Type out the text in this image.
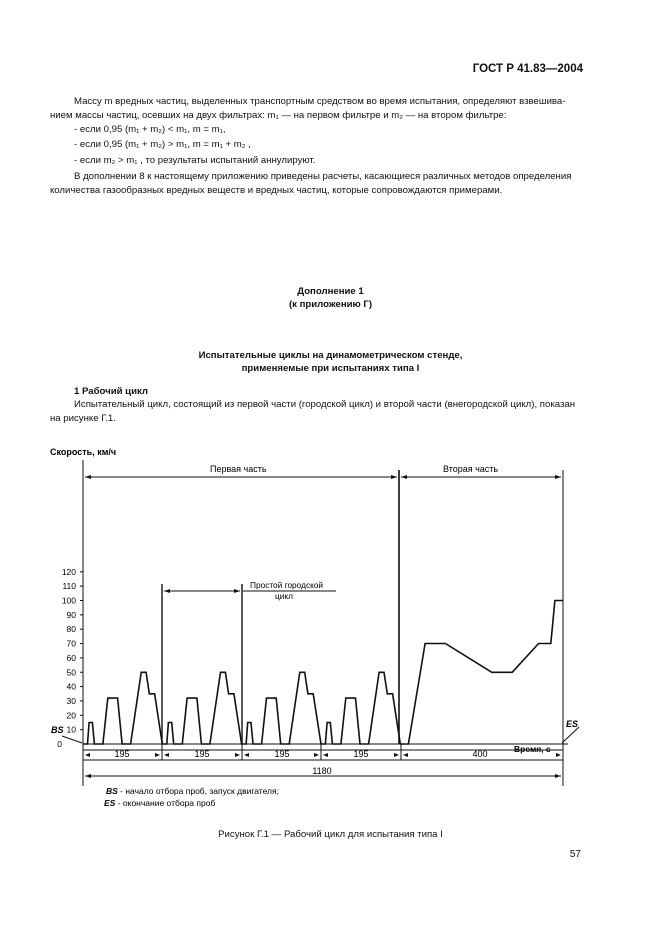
ГОСТ Р 41.83—2004
Массу m вредных частиц, выделенных транспортным средством во время испытания, определяют взвешива-
нием массы частиц, осевших на двух фильтрах: m₁ — на первом фильтре и m₂ — на втором фильтре:
- если 0,95 (m₁ + m₂) < m₁, m = m₁,
- если 0,95 (m₁ + m₂) > m₁, m = m₁ + m₂ ,
- если m₂ > m₁ , то результаты испытаний аннулируют.
В дополнении 8 к настоящему приложению приведены расчеты, касающиеся различных методов определения
количества газообразных вредных веществ и вредных частиц, которые сопровождаются примерами.
Дополнение 1
(к приложению Г)
Испытательные циклы на динамометрическом стенде,
применяемые при испытаниях типа I
1 Рабочий цикл
Испытательный цикл, состоящий из первой части (городской цикл) и второй части (внегородской цикл), показан
на рисунке Г.1.
0
10
20
30
40
50
60
70
80
90
100
110
120
Скорость, км/ч
Первая часть	Вторая часть
Простой городской
цикл
BS
ES
Время, с
195	195	195	195	400
1180
BS - начало отбора проб, запуск двигателя;
ES - окончание отбора проб
Рисунок Г.1 — Рабочий цикл для испытания типа I
57
